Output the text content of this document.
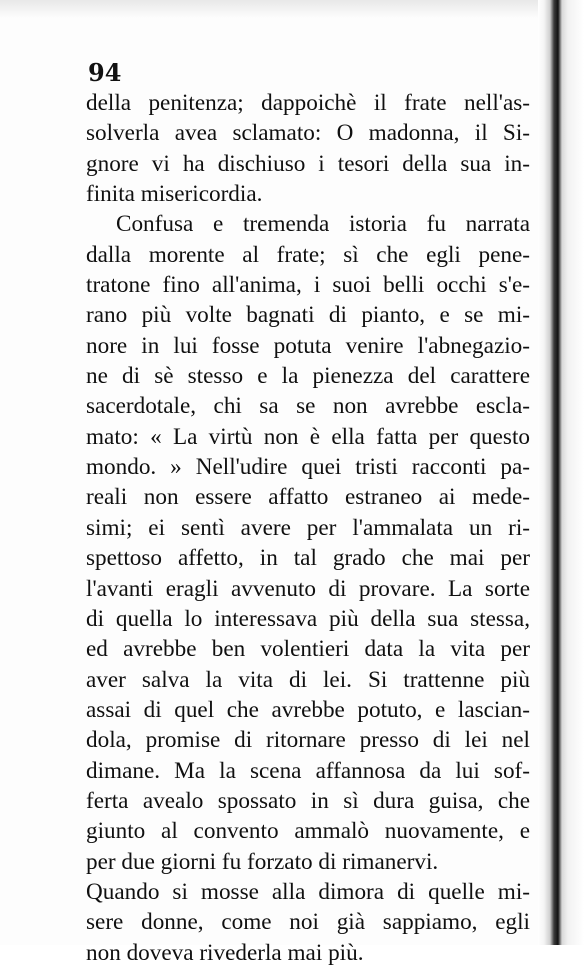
94
della penitenza; dappoichè il frate nell'as-
solverla avea sclamato: O madonna, il Si-
gnore vi ha dischiuso i tesori della sua in-
finita misericordia.
Confusa e tremenda istoria fu narrata
dalla morente al frate; sì che egli pene-
tratone fino all'anima, i suoi belli occhi s'e-
rano più volte bagnati di pianto, e se mi-
nore in lui fosse potuta venire l'abnegazio-
ne di sè stesso e la pienezza del carattere
sacerdotale, chi sa se non avrebbe escla-
mato: « La virtù non è ella fatta per questo
mondo. » Nell'udire quei tristi racconti pa-
reali non essere affatto estraneo ai mede-
simi; ei sentì avere per l'ammalata un ri-
spettoso affetto, in tal grado che mai per
l'avanti eragli avvenuto di provare. La sorte
di quella lo interessava più della sua stessa,
ed avrebbe ben volentieri data la vita per
aver salva la vita di lei. Si trattenne più
assai di quel che avrebbe potuto, e lascian-
dola, promise di ritornare presso di lei nel
dimane. Ma la scena affannosa da lui sof-
ferta avealo spossato in sì dura guisa, che
giunto al convento ammalò nuovamente, e
per due giorni fu forzato di rimanervi.
Quando si mosse alla dimora di quelle mi-
sere donne, come noi già sappiamo, egli
non doveva rivederla mai più.
